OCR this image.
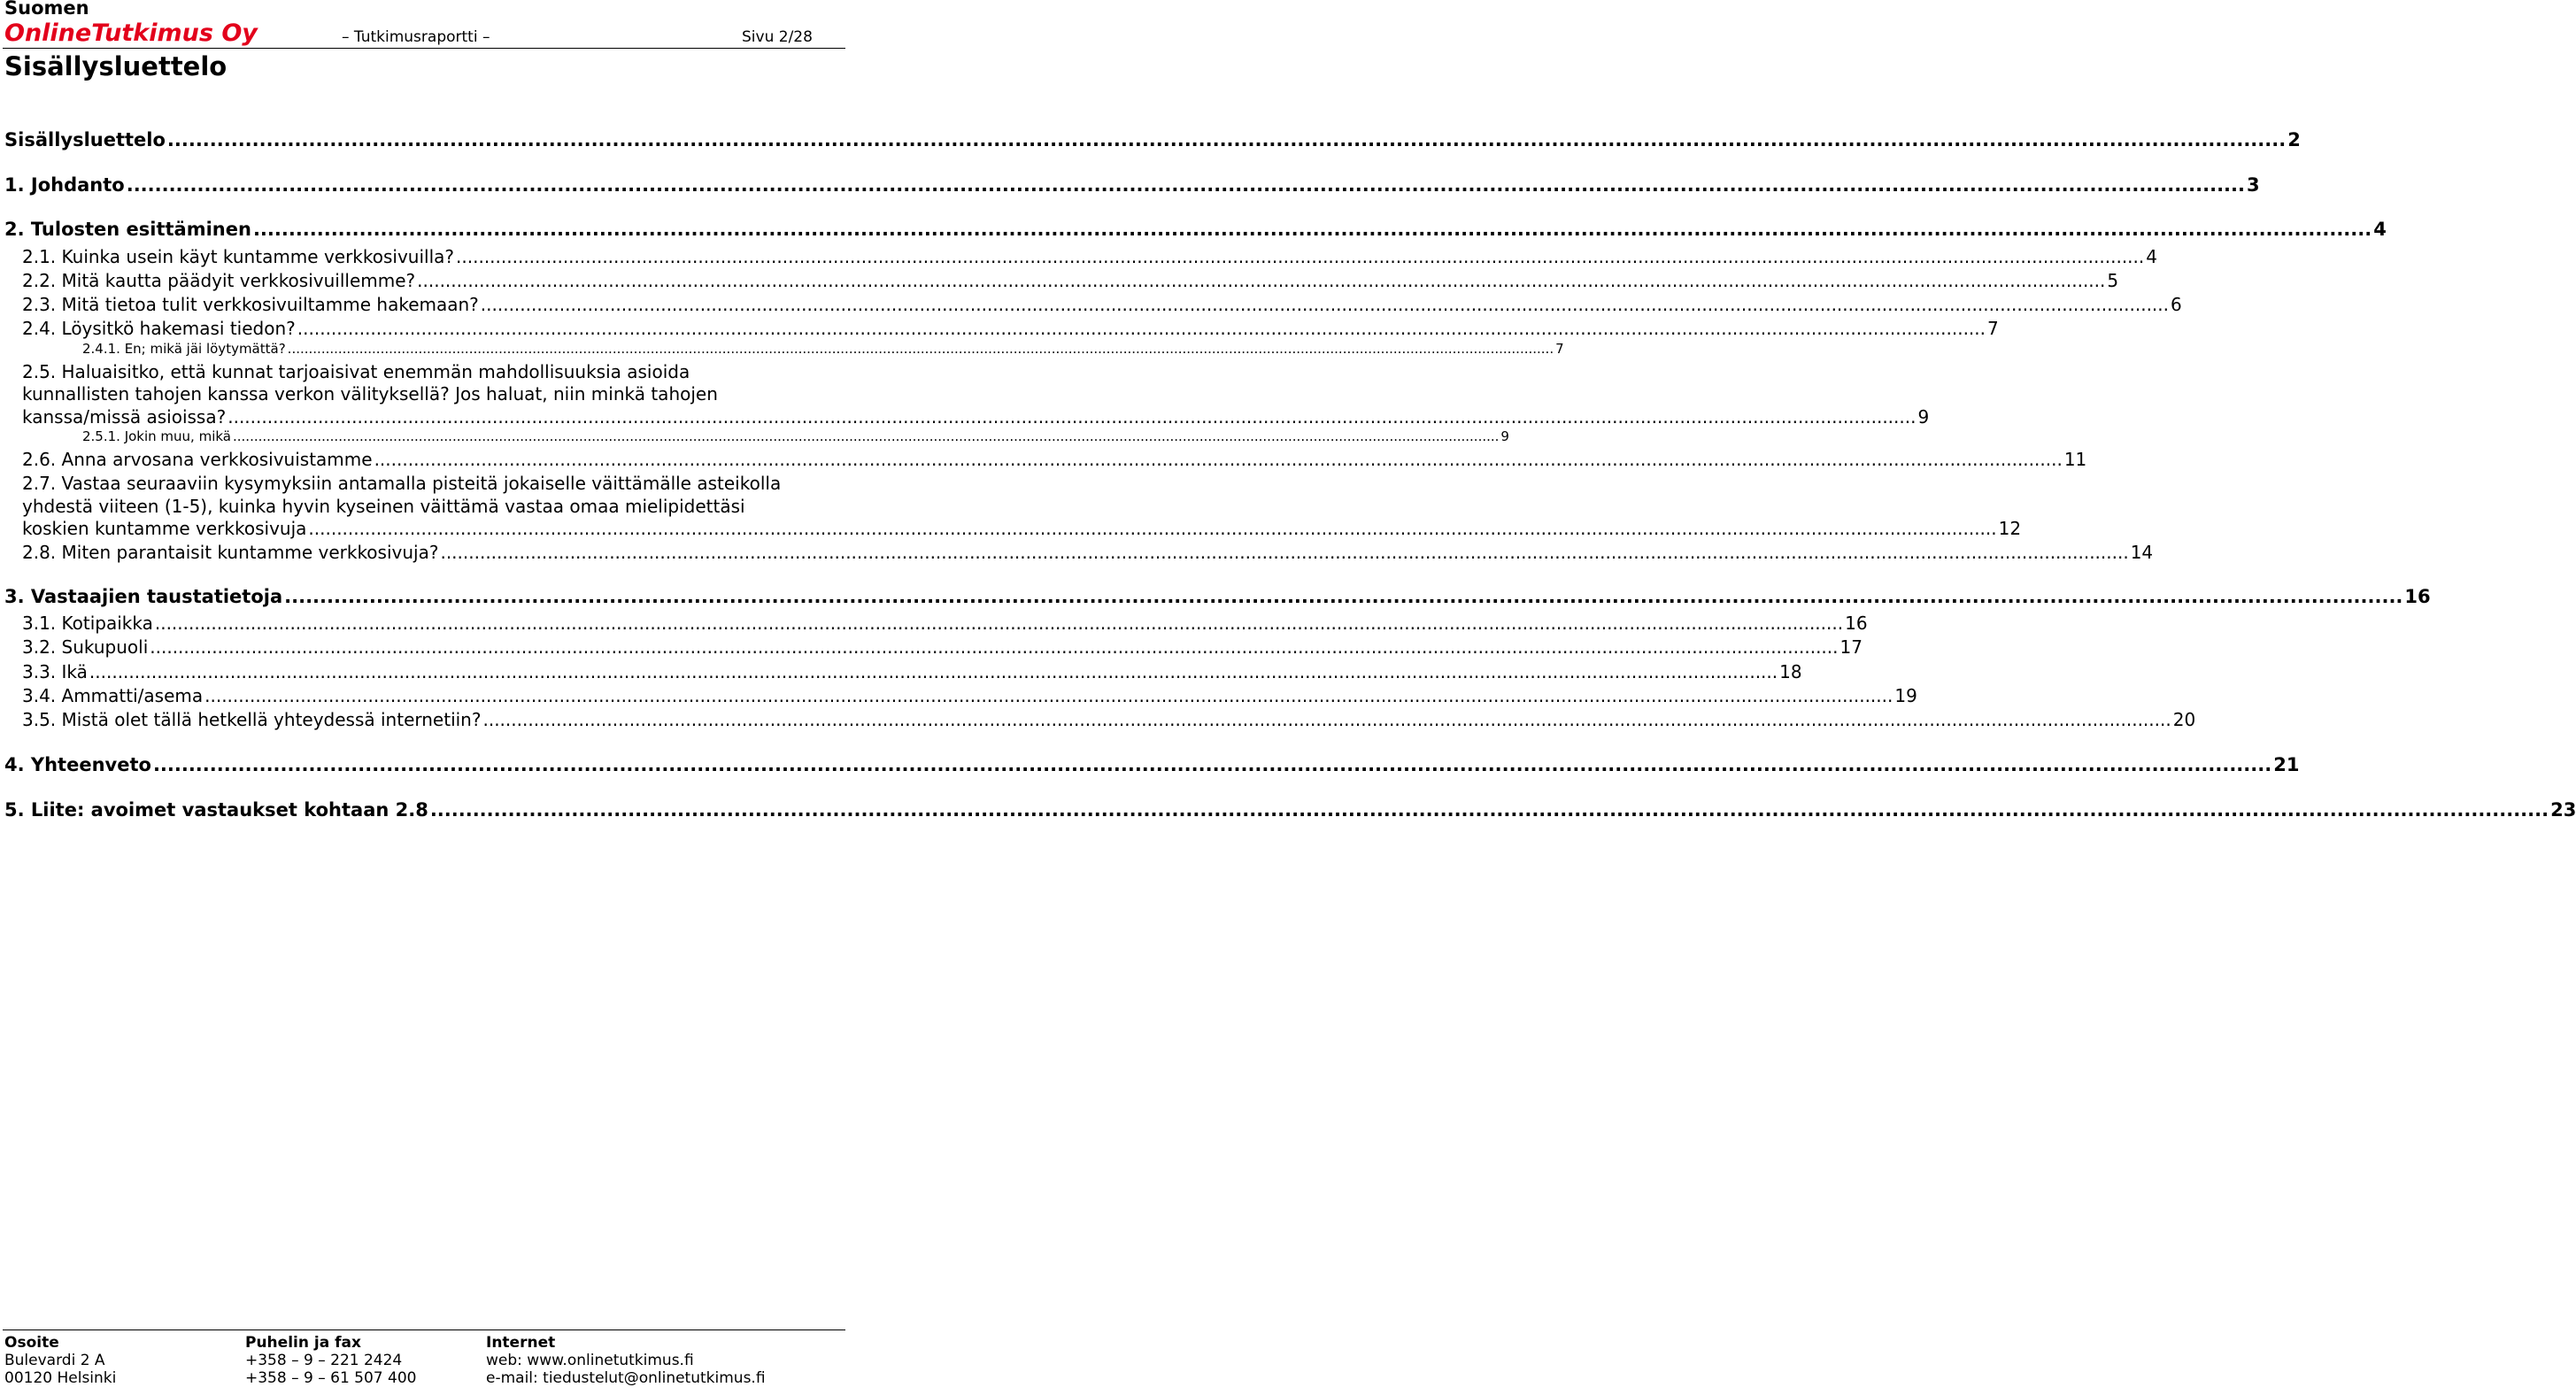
Suomen
OnlineTutkimus Oy	– Tutkimusraportti –	Sivu 2/28
Sisällysluettelo
Sisällysluettelo ............................................................................................................................................................................................................................................................................................................ 2
1. Johdanto ............................................................................................................................................................................................................................................................................................................ 3
2. Tulosten esittäminen ............................................................................................................................................................................................................................................................................................................ 4
2.1. Kuinka usein käyt kuntamme verkkosivuilla? ............................................................................................................................................................................................................................................................................................................ 4
2.2. Mitä kautta päädyit verkkosivuillemme? ............................................................................................................................................................................................................................................................................................................ 5
2.3. Mitä tietoa tulit verkkosivuiltamme hakemaan? ............................................................................................................................................................................................................................................................................................................ 6
2.4. Löysitkö hakemasi tiedon? ............................................................................................................................................................................................................................................................................................................ 7
2.4.1. En; mikä jäi löytymättä? ............................................................................................................................................................................................................................................................................................................ 7
2.5. Haluaisitko, että kunnat tarjoaisivat enemmän mahdollisuuksia asioida
kunnallisten tahojen kanssa verkon välityksellä? Jos haluat, niin minkä tahojen
kanssa/missä asioissa? ............................................................................................................................................................................................................................................................................................................ 9
2.5.1. Jokin muu, mikä ............................................................................................................................................................................................................................................................................................................ 9
2.6. Anna arvosana verkkosivuistamme ............................................................................................................................................................................................................................................................................................................ 11
2.7. Vastaa seuraaviin kysymyksiin antamalla pisteitä jokaiselle väittämälle asteikolla
yhdestä viiteen (1-5), kuinka hyvin kyseinen väittämä vastaa omaa mielipidettäsi
koskien kuntamme verkkosivuja ............................................................................................................................................................................................................................................................................................................ 12
2.8. Miten parantaisit kuntamme verkkosivuja? ............................................................................................................................................................................................................................................................................................................ 14
3. Vastaajien taustatietoja ............................................................................................................................................................................................................................................................................................................ 16
3.1. Kotipaikka ............................................................................................................................................................................................................................................................................................................ 16
3.2. Sukupuoli ............................................................................................................................................................................................................................................................................................................ 17
3.3. Ikä ............................................................................................................................................................................................................................................................................................................ 18
3.4. Ammatti/asema ............................................................................................................................................................................................................................................................................................................ 19
3.5. Mistä olet tällä hetkellä yhteydessä internetiin? ............................................................................................................................................................................................................................................................................................................ 20
4. Yhteenveto ............................................................................................................................................................................................................................................................................................................ 21
5. Liite: avoimet vastaukset kohtaan 2.8 ............................................................................................................................................................................................................................................................................................................ 23
Osoite
Bulevardi 2 A
00120 Helsinki
Puhelin ja fax
+358 – 9 – 221 2424
+358 – 9 – 61 507 400
Internet
web: www.onlinetutkimus.fi
e-mail: tiedustelut@onlinetutkimus.fi
